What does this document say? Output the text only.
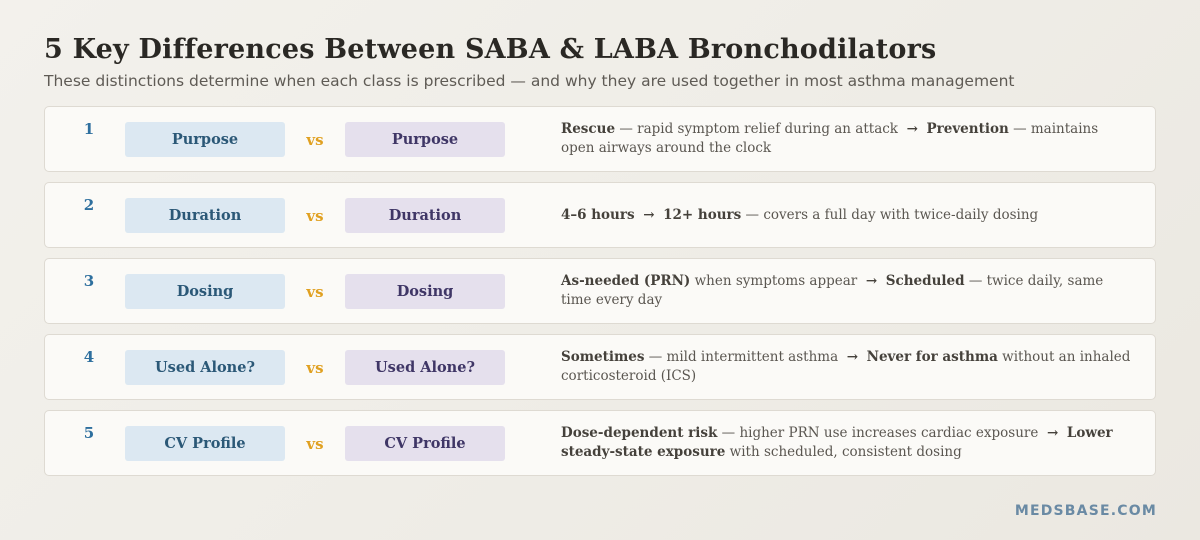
5 Key Differences Between SABA & LABA Bronchodilators
These distinctions determine when each class is prescribed — and why they are used together in most asthma management
1
Purpose	vs	Purpose
Rescue — rapid symptom relief during an attack → Prevention — maintains open airways around the clock
2
Duration	vs	Duration	4–6 hours → 12+ hours — covers a full day with twice-daily dosing
3
Dosing	vs	Dosing
As-needed (PRN) when symptoms appear → Scheduled — twice daily, same time every day
4
Used Alone?	vs	Used Alone?
Sometimes — mild intermittent asthma → Never for asthma without an inhaled corticosteroid (ICS)
5
CV Profile	vs	CV Profile
Dose-dependent risk — higher PRN use increases cardiac exposure → Lower steady-state exposure with scheduled, consistent dosing
MEDSBASE.COM
